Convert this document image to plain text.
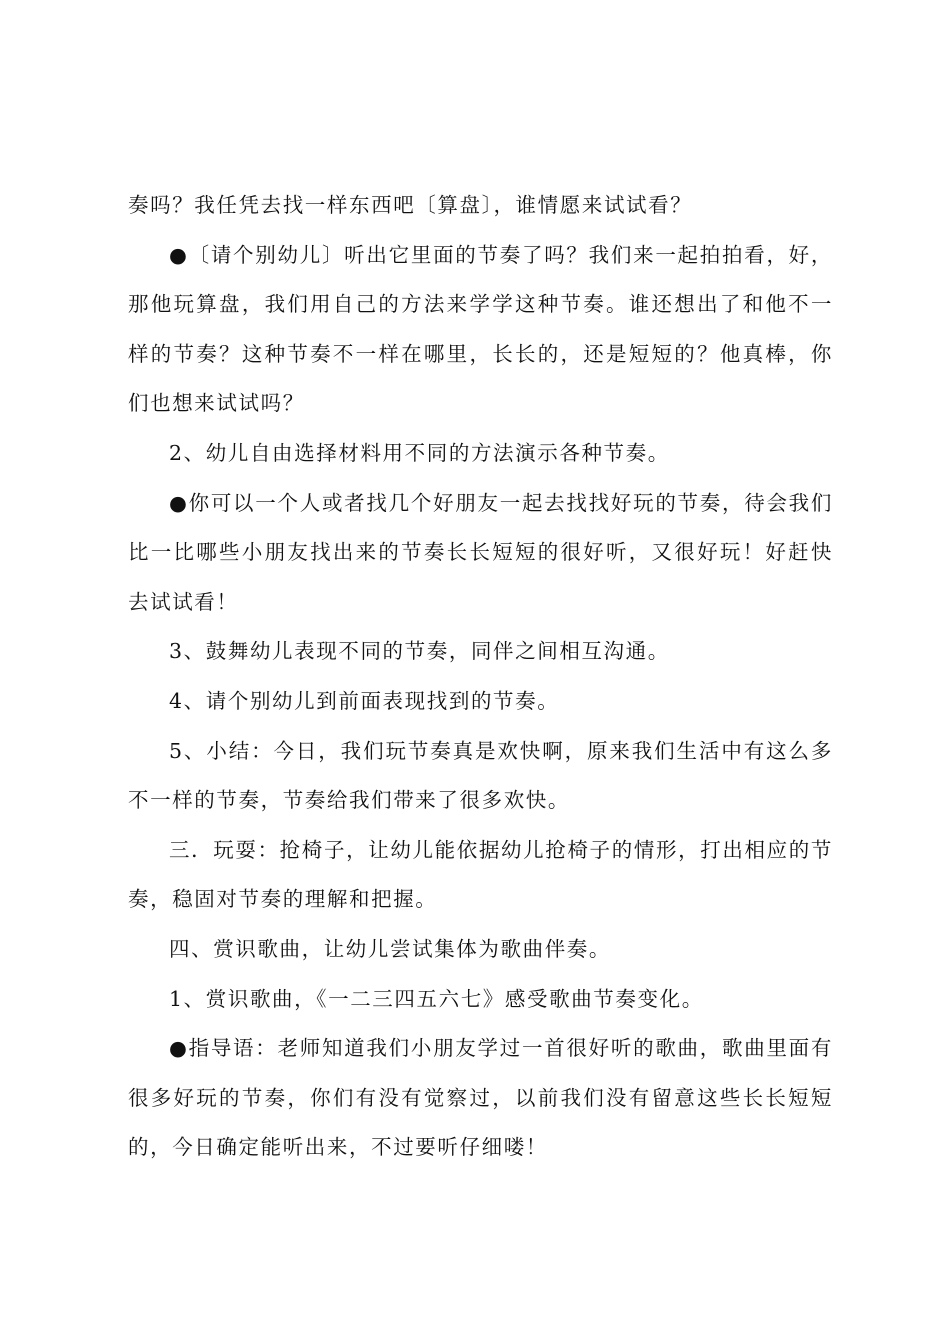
奏吗？我任凭去找一样东西吧〔算盘〕，谁情愿来试试看？

●〔请个别幼儿〕听出它里面的节奏了吗？我们来一起拍拍看，好，那他玩算盘，我们用自己的方法来学学这种节奏。谁还想出了和他不一样的节奏？这种节奏不一样在哪里，长长的，还是短短的？他真棒，你们也想来试试吗？

2、幼儿自由选择材料用不同的方法演示各种节奏。

●你可以一个人或者找几个好朋友一起去找找好玩的节奏，待会我们比一比哪些小朋友找出来的节奏长长短短的很好听，又很好玩！好赶快去试试看！

3、鼓舞幼儿表现不同的节奏，同伴之间相互沟通。

4、请个别幼儿到前面表现找到的节奏。

5、小结：今日，我们玩节奏真是欢快啊，原来我们生活中有这么多不一样的节奏，节奏给我们带来了很多欢快。

三．玩耍：抢椅子，让幼儿能依据幼儿抢椅子的情形，打出相应的节奏，稳固对节奏的理解和把握。

四、赏识歌曲，让幼儿尝试集体为歌曲伴奏。

1、赏识歌曲，《一二三四五六七》感受歌曲节奏变化。

●指导语：老师知道我们小朋友学过一首很好听的歌曲，歌曲里面有很多好玩的节奏，你们有没有觉察过，以前我们没有留意这些长长短短的，今日确定能听出来，不过要听仔细喽！
